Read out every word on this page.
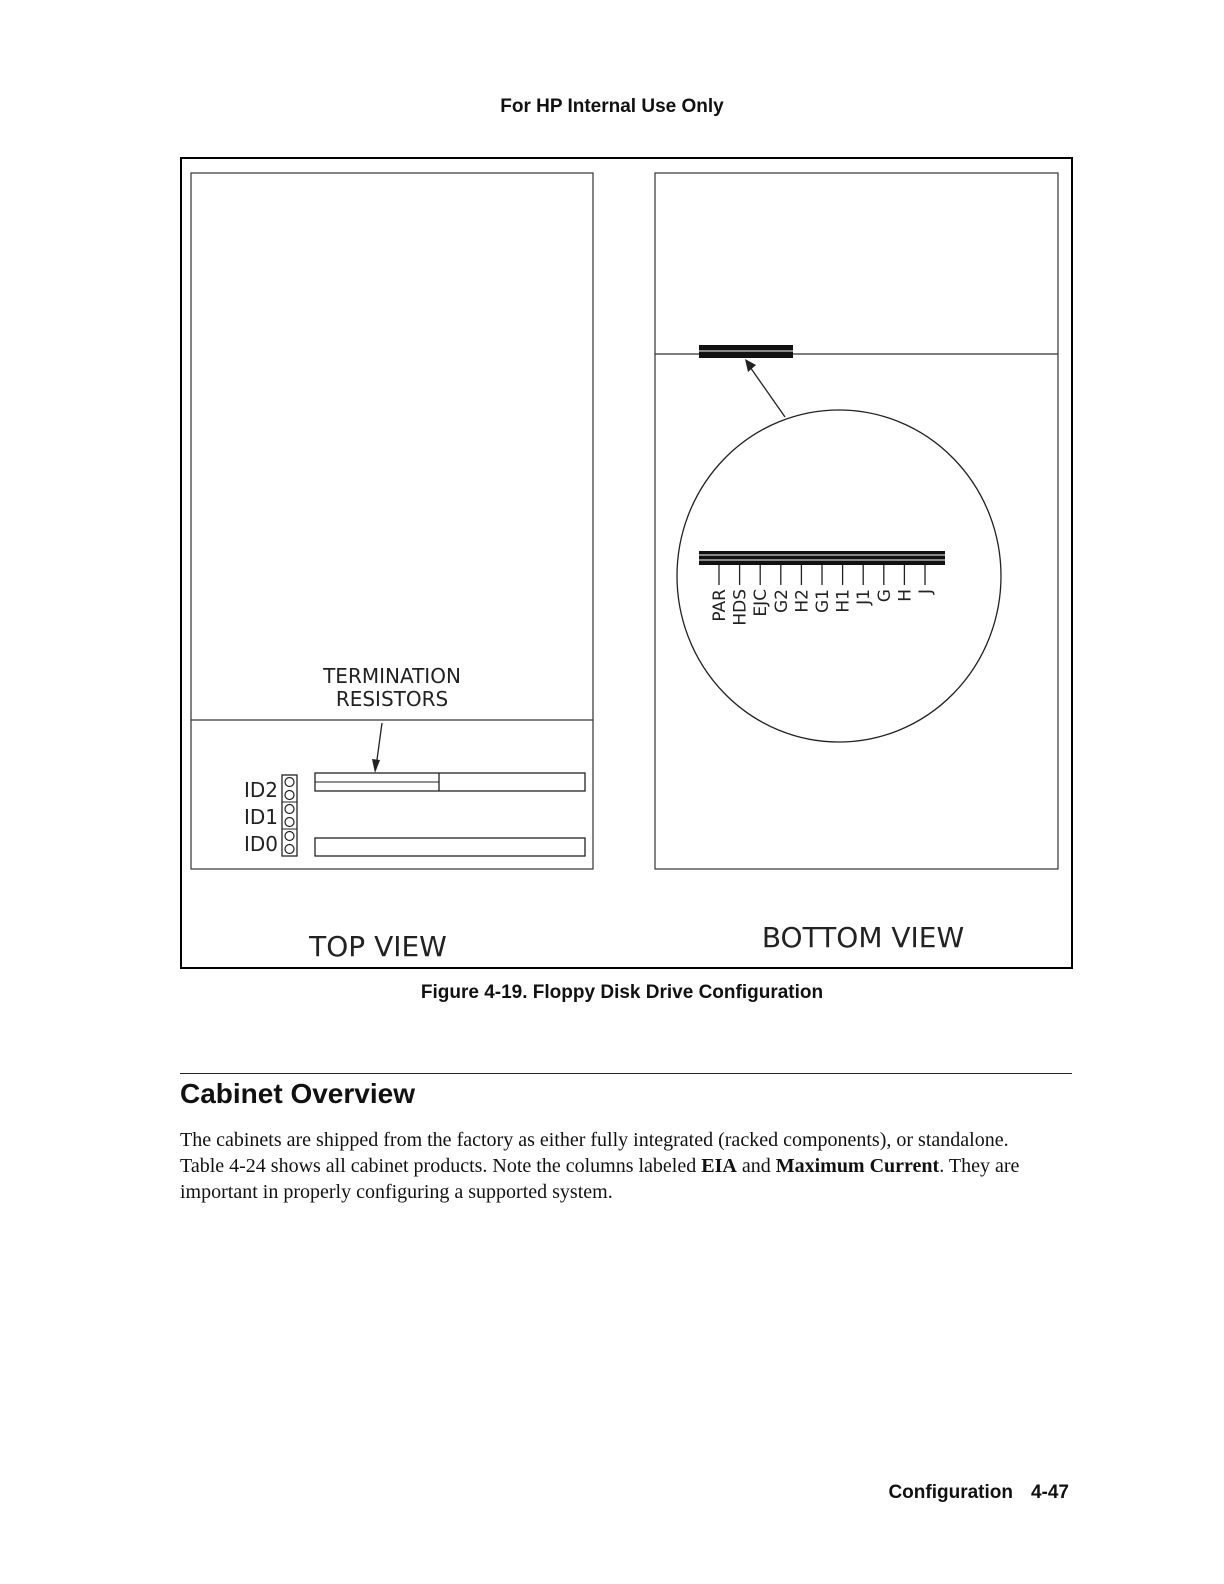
For HP Internal Use Only
TERMINATION
RESISTORS
ID2
ID1
ID0
TOP VIEW
PAR HDS EJC G2 H2 G1 H1 J1 G H J
BOTTOM VIEW
Figure 4-19. Floppy Disk Drive Configuration
Cabinet Overview
The cabinets are shipped from the factory as either fully integrated (racked components), or standalone. Table 4-24 shows all cabinet products. Note the columns labeled EIA and Maximum Current. They are important in properly configuring a supported system.
Configuration 4-47
